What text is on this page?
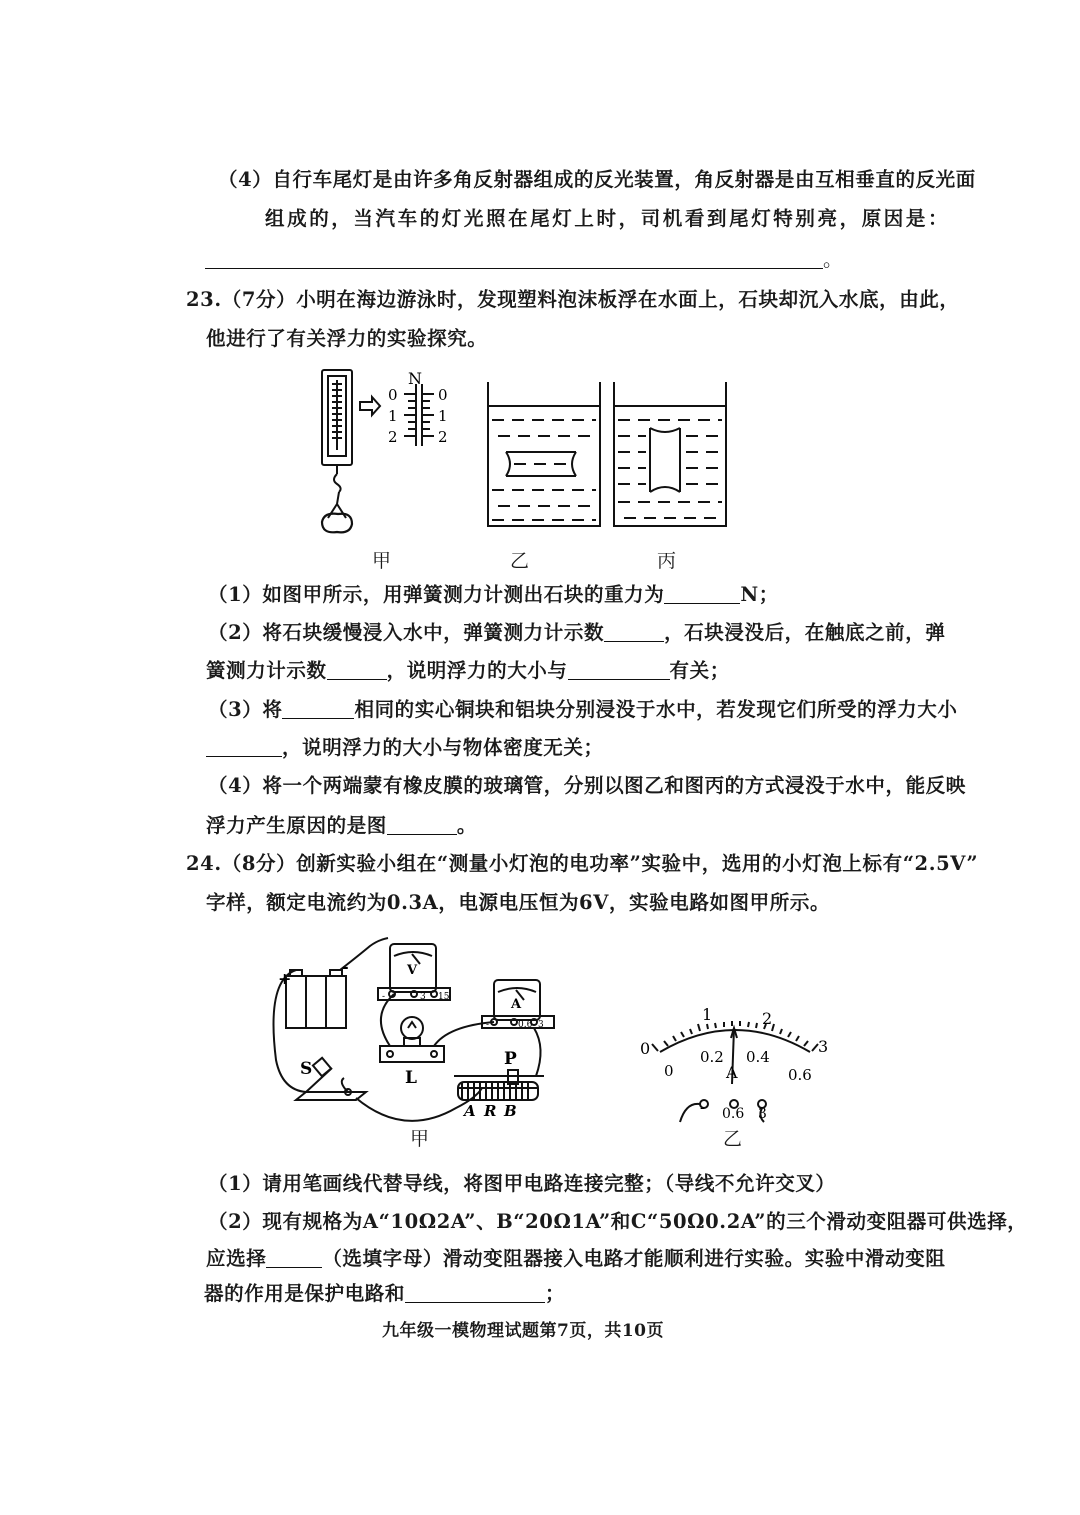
（4）自行车尾灯是由许多角反射器组成的反光装置，角反射器是由互相垂直的反光面
组成的，当汽车的灯光照在尾灯上时，司机看到尾灯特别亮，原因是：
。
23.（7分）小明在海边游泳时，发现塑料泡沫板浮在水面上，石块却沉入水底，由此，
他进行了有关浮力的实验探究。
N
0
1
2
0
1
2
甲	乙	丙
（1）如图甲所示，用弹簧测力计测出石块的重力为	N；
（2）将石块缓慢浸入水中，弹簧测力计示数	，石块浸没后，在触底之前，弹
簧测力计示数	，说明浮力的大小与	有关；
（3）将	相同的实心铜块和铝块分别浸没于水中，若发现它们所受的浮力大小
，说明浮力的大小与物体密度无关；
（4）将一个两端蒙有橡皮膜的玻璃管，分别以图乙和图丙的方式浸没于水中，能反映
浮力产生原因的是图	。
24.（8分）创新实验小组在“测量小灯泡的电功率”实验中，选用的小灯泡上标有“2.5V”
字样，额定电流约为0.3A，电源电压恒为6V，实验电路如图甲所示。
+
-	V
-	3 15	A
-	0.6 3
L
S	P
A R B
甲
0
1	2
3
0
0.2 0.4
0.6
A
- 0.6 3
乙
（1）请用笔画线代替导线，将图甲电路连接完整；（导线不允许交叉）
（2）现有规格为A“10Ω2A”、B“20Ω1A”和C“50Ω0.2A”的三个滑动变阻器可供选择，
应选择	（选填字母）滑动变阻器接入电路才能顺利进行实验。实验中滑动变阻
器的作用是保护电路和	；
九年级一模物理试题第7页，共10页
